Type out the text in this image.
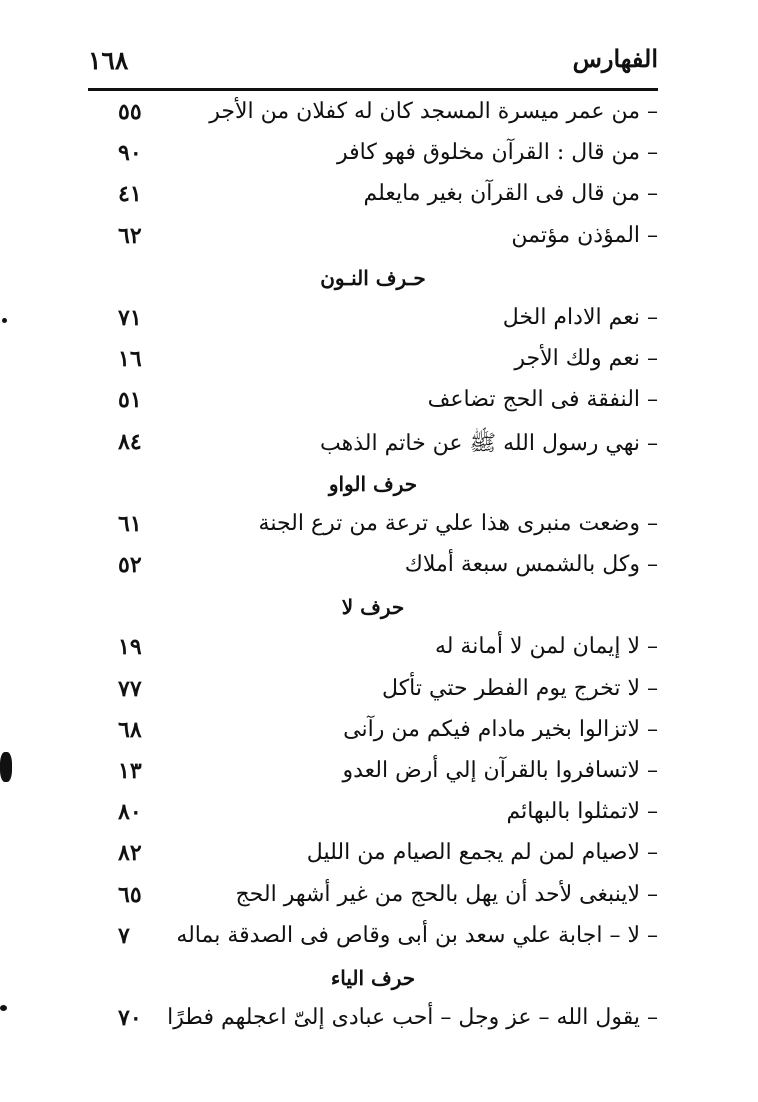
١٦٨	الفهارس
– من عمر ميسرة المسجد كان له كفلان من الأجر
٥٥
– من قال : القرآن مخلوق فهو كافر
٩٠
– من قال فى القرآن بغير مايعلم
٤١
– المؤذن مؤتمن
٦٢
حـرف النـون
– نعم الادام الخل
٧١
– نعم ولك الأجر
١٦
– النفقة فى الحج تضاعف
٥١
– نهي رسول الله ﷺ عن خاتم الذهب
٨٤
حرف الواو
– وضعت منبرى هذا علي ترعة من ترع الجنة
٦١
– وكل بالشمس سبعة أملاك
٥٢
حرف لا
– لا إيمان لمن لا أمانة له
١٩
– لا تخرج يوم الفطر حتي تأكل
٧٧
– لاتزالوا بخير مادام فيكم من رآنى
٦٨
– لاتسافروا بالقرآن إلي أرض العدو
١٣
– لاتمثلوا بالبهائم
٨٠
– لاصيام لمن لم يجمع الصيام من الليل
٨٢
– لاينبغى لأحد أن يهل بالحج من غير أشهر الحج
٦٥
– لا – اجابة علي سعد بن أبى وقاص فى الصدقة بماله
٧
حرف الياء
– يقول الله – عز وجل – أحب عبادى إلىّ اعجلهم فطرًا
٧٠
